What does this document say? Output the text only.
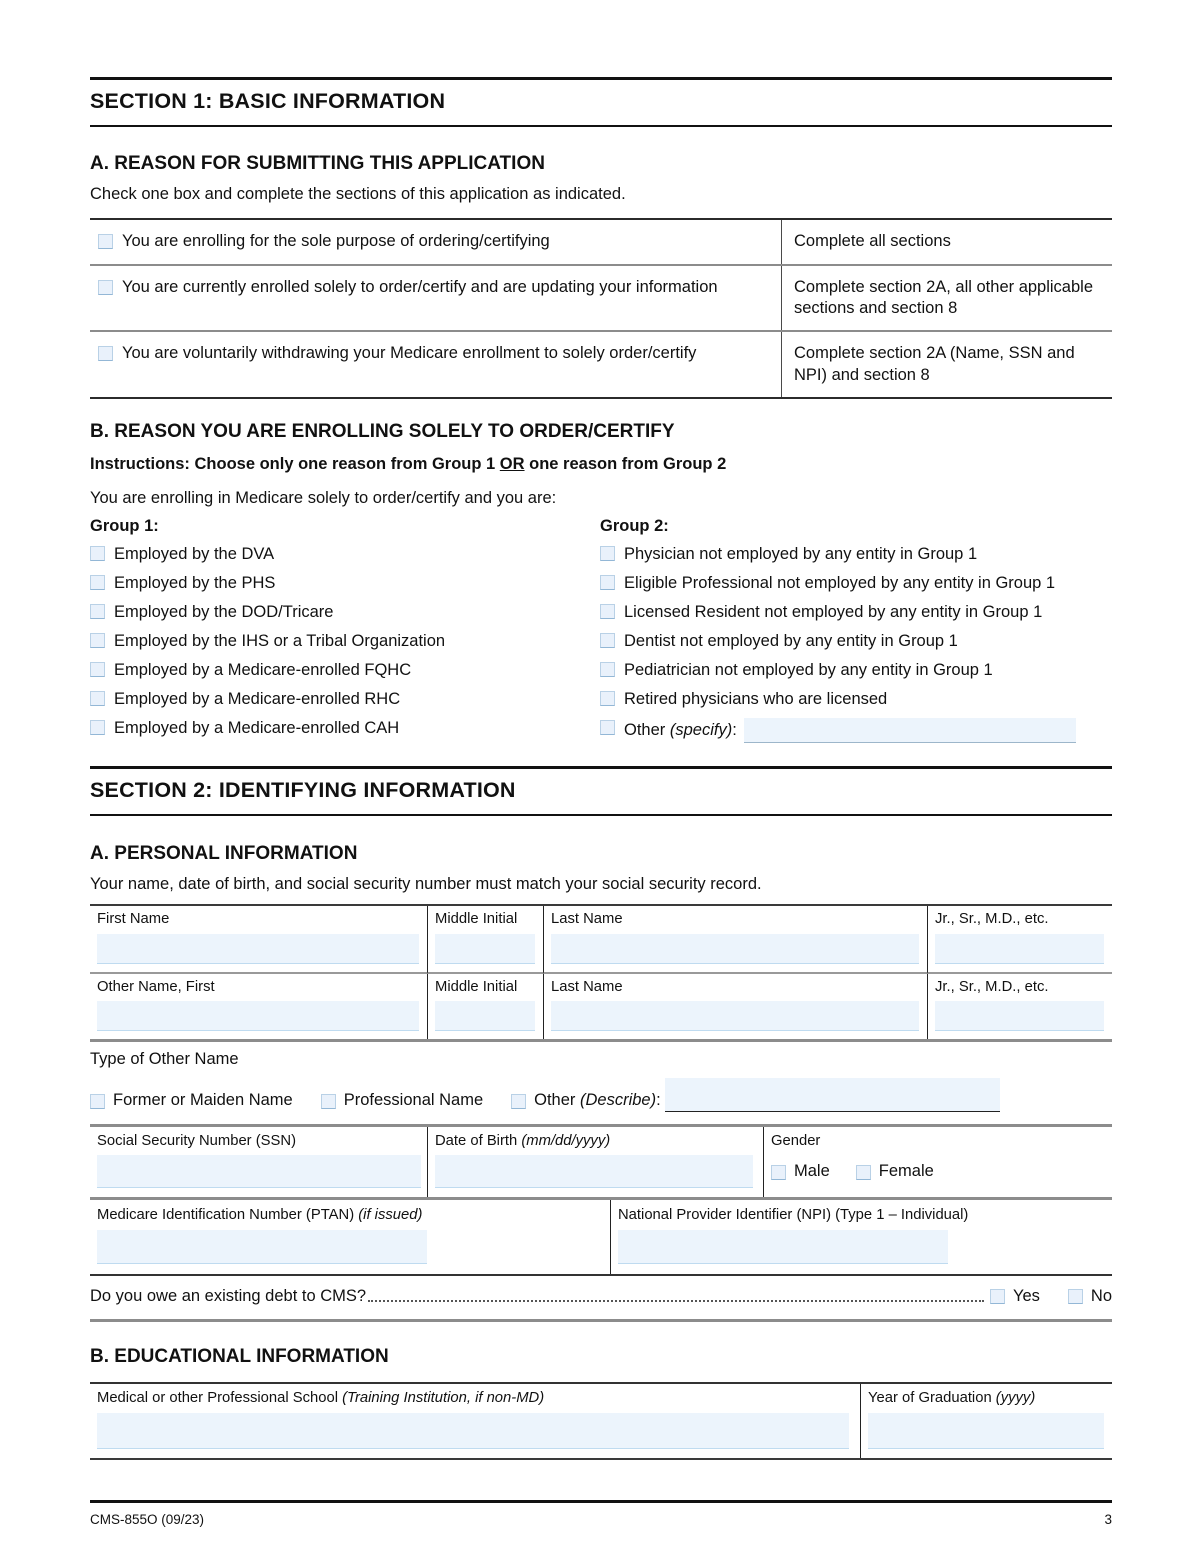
SECTION 1: BASIC INFORMATION
A. REASON FOR SUBMITTING THIS APPLICATION
Check one box and complete the sections of this application as indicated.
You are enrolling for the sole purpose of ordering/certifying	Complete all sections
You are currently enrolled solely to order/certify and are updating your information	Complete section 2A, all other applicable sections and section 8
You are voluntarily withdrawing your Medicare enrollment to solely order/certify	Complete section 2A (Name, SSN and NPI) and section 8
B. REASON YOU ARE ENROLLING SOLELY TO ORDER/CERTIFY
Instructions: Choose only one reason from Group 1 OR one reason from Group 2
You are enrolling in Medicare solely to order/certify and you are:
Group 1:
Employed by the DVA
Employed by the PHS
Employed by the DOD/Tricare
Employed by the IHS or a Tribal Organization
Employed by a Medicare-enrolled FQHC
Employed by a Medicare-enrolled RHC
Employed by a Medicare-enrolled CAH
Group 2:
Physician not employed by any entity in Group 1
Eligible Professional not employed by any entity in Group 1
Licensed Resident not employed by any entity in Group 1
Dentist not employed by any entity in Group 1
Pediatrician not employed by any entity in Group 1
Retired physicians who are licensed
Other (specify):
SECTION 2: IDENTIFYING INFORMATION
A. PERSONAL INFORMATION
Your name, date of birth, and social security number must match your social security record.
First Name	Middle Initial	Last Name	Jr., Sr., M.D., etc.
Other Name, First	Middle Initial	Last Name	Jr., Sr., M.D., etc.
Type of Other Name
Former or Maiden Name	Professional Name	Other (Describe):
Social Security Number (SSN)	Date of Birth (mm/dd/yyyy)	Gender
Male	Female
Medicare Identification Number (PTAN) (if issued)	National Provider Identifier (NPI) (Type 1 – Individual)
Do you owe an existing debt to CMS?	Yes	No
B. EDUCATIONAL INFORMATION
Medical or other Professional School (Training Institution, if non-MD)	Year of Graduation (yyyy)
CMS-855O (09/23)	3
